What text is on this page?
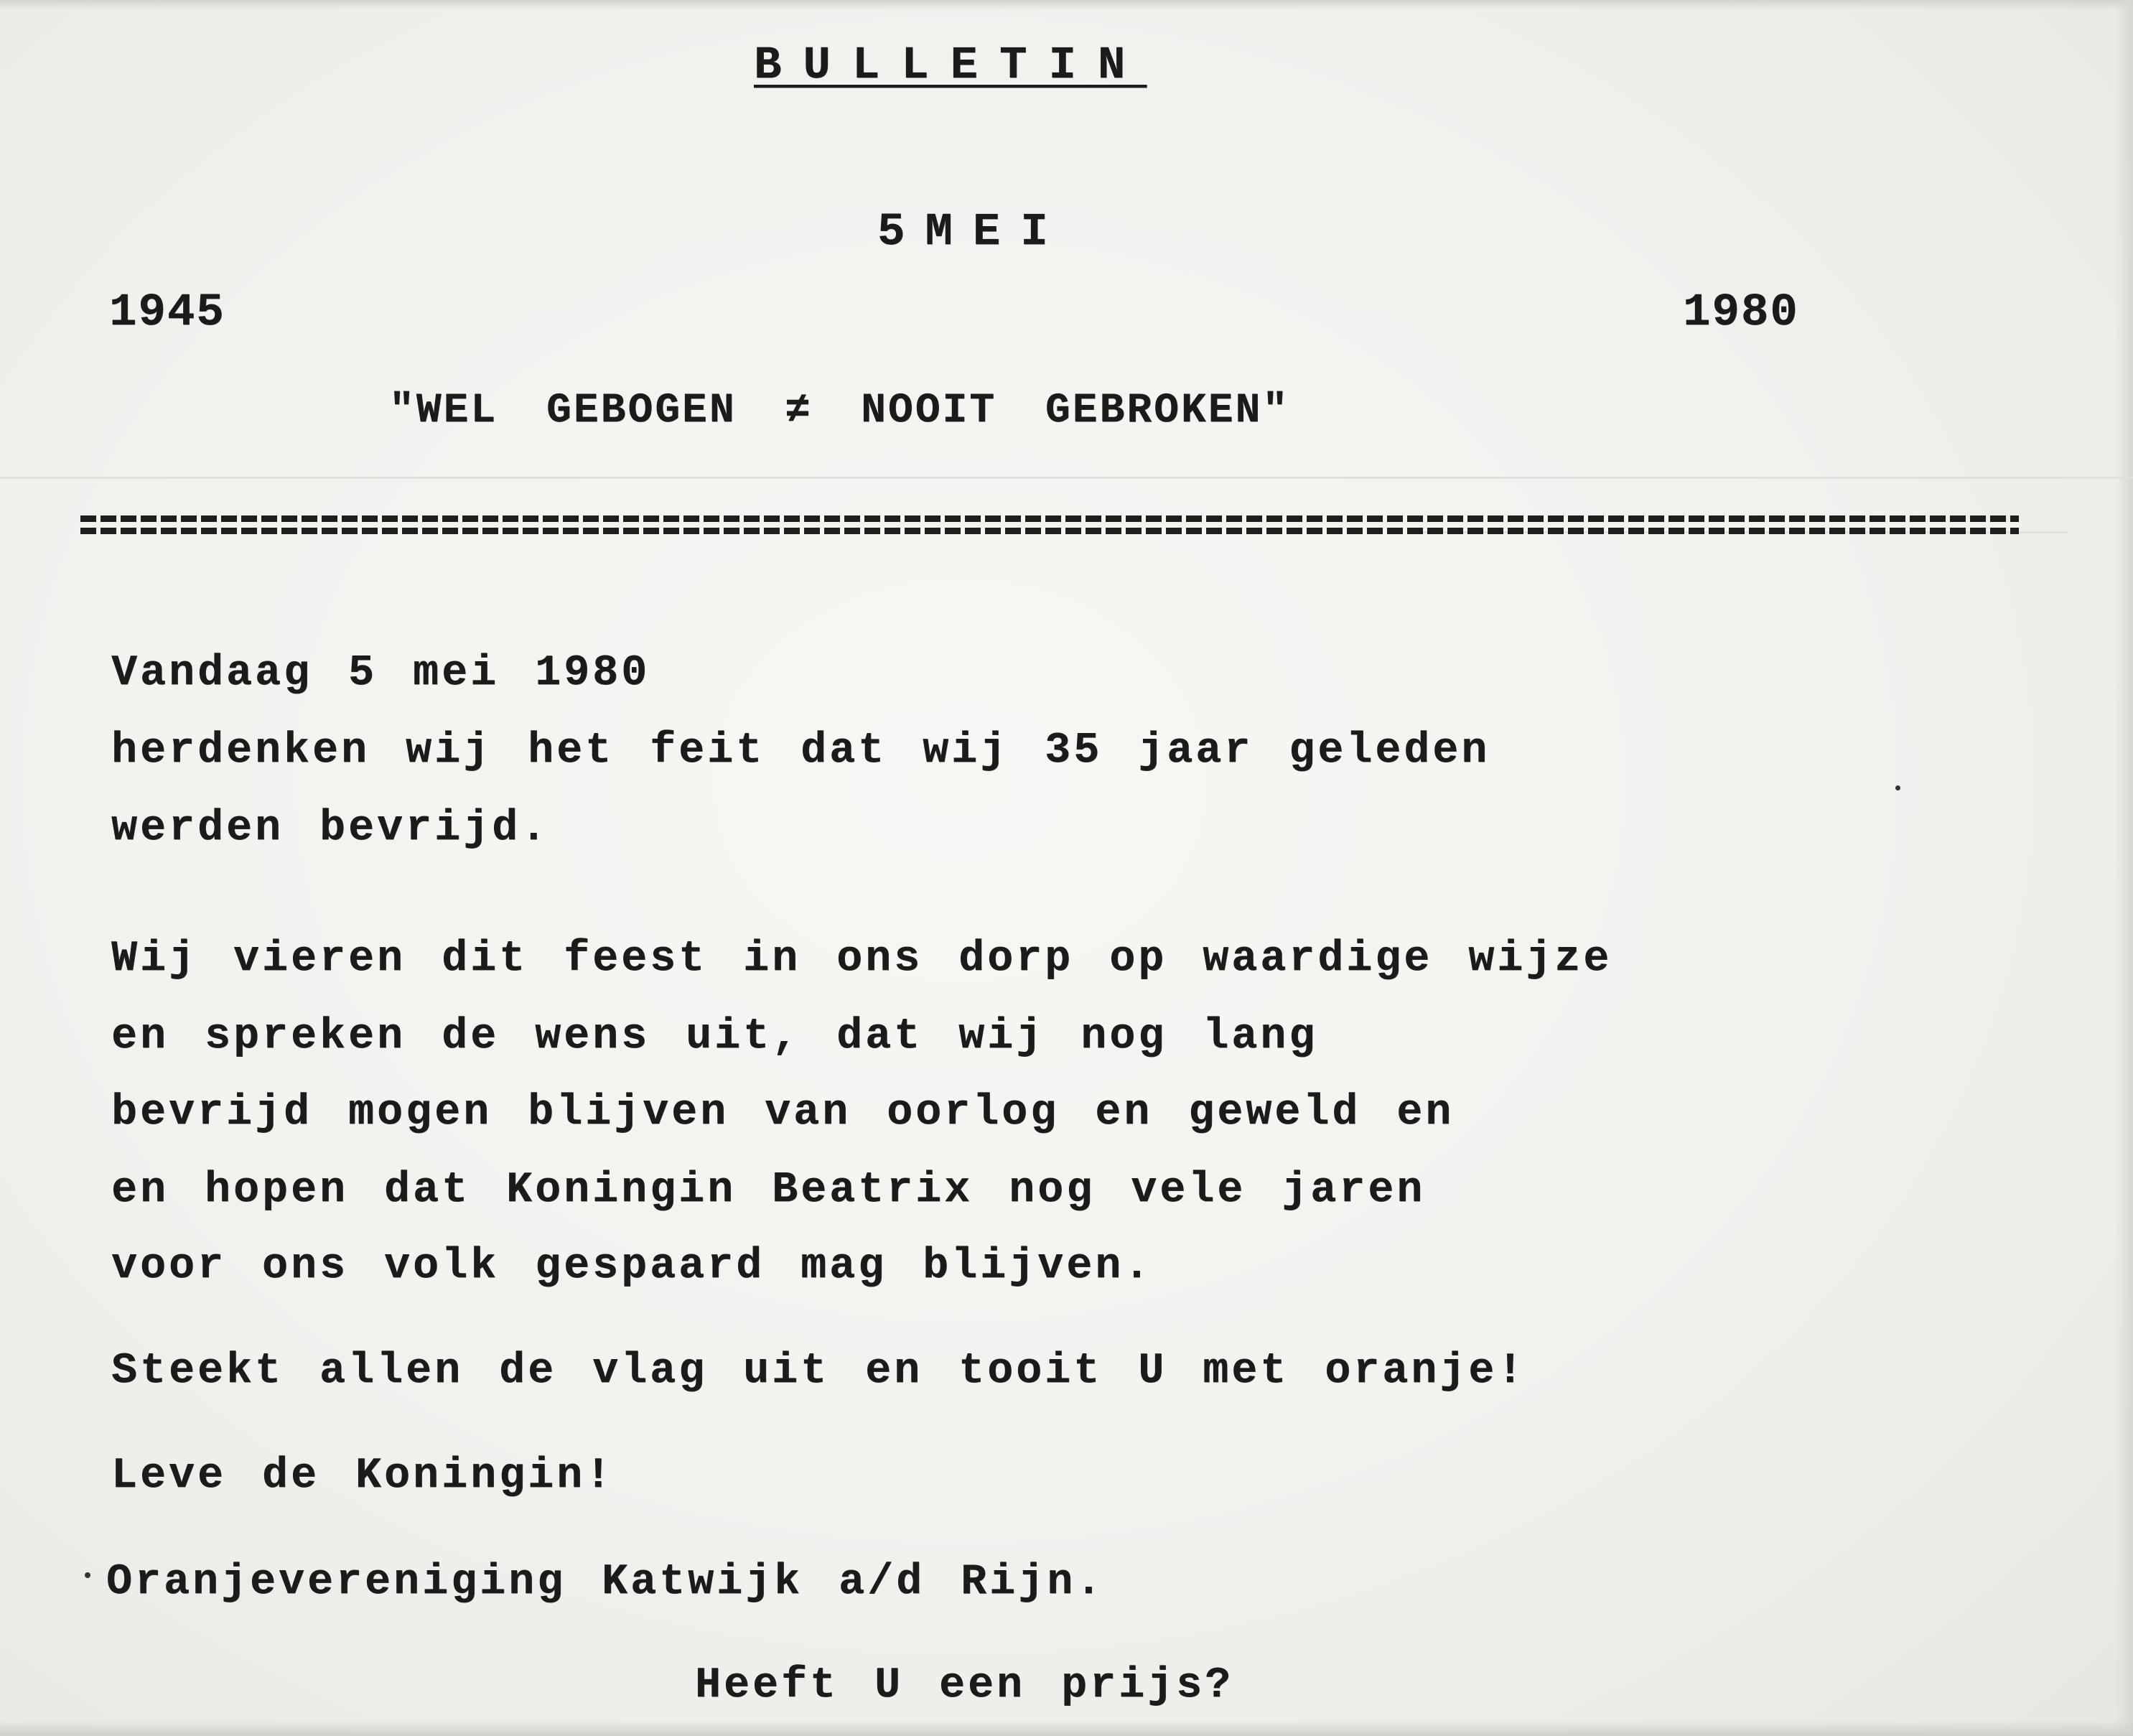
BULLETIN
5MEI
1945	1980
"WEL GEBOGEN ≠ NOOIT GEBROKEN"
Vandaag 5 mei 1980
herdenken wij het feit dat wij 35 jaar geleden
werden bevrijd.
Wij vieren dit feest in ons dorp op waardige wijze
en spreken de wens uit, dat wij nog lang
bevrijd mogen blijven van oorlog en geweld en
en hopen dat Koningin Beatrix nog vele jaren
voor ons volk gespaard mag blijven.
Steekt allen de vlag uit en tooit U met oranje!
Leve de Koningin!
Oranjevereniging Katwijk a/d Rijn.
Heeft U een prijs?
